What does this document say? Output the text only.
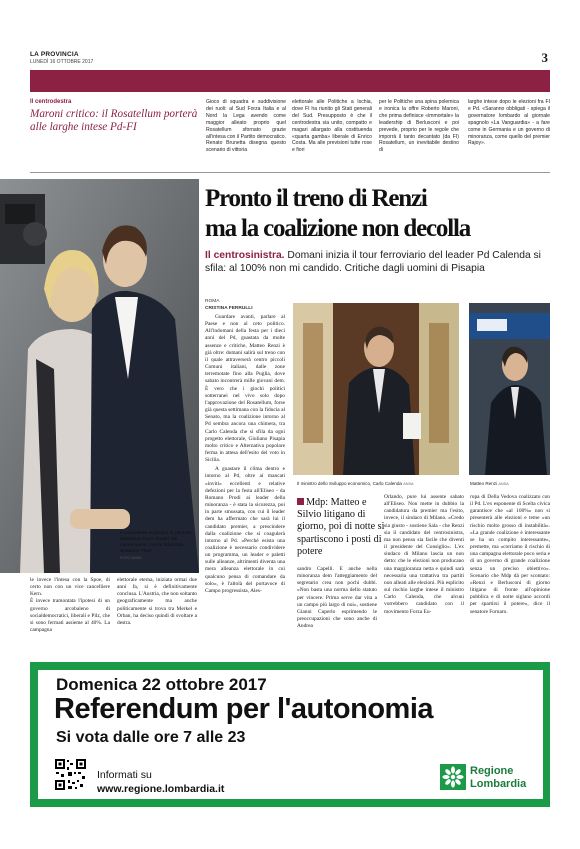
LA PROVINCIA
LUNEDÌ 16 OTTOBRE 2017	3
Il centrodestra
Maroni critico: il Rosatellum porterà alle larghe intese Pd-FI
Gioco di squadra e suddivisione dei ruoli: al Sud Forza Italia e al Nord la Lega avendo come maggior alleato proprio quel Rosatellum sfornato grazie all'intesa con il Partito democratico. Renato Brunetta disegna questo scenario di vittoria
elettorale alle Politiche a Ischia, dove FI ha riunito gli Stati generali del Sud. Presupposto è che il centrodestra sia unito, compatto e magari allargato alla costituenda «quarta gamba» liberale di Enrico Costa. Ma alle previsioni tutte rose e fiori
per le Politiche una spina polemica e ironica la offre Roberto Maroni, che prima definisce «immortale» la leadership di Berlusconi e poi prevede, proprio per le regole che imporrà il tanto decantato (da FI) Rosatellum, un inevitabile destino di
larghe intese dopo le elezioni fra FI e Pd. «Saranno obbligati - spiega il governatore lombardo al giornale spagnolo «La Vanguardia» - a fare come in Germania e un governo di minoranza, come quello del premier Rajoy».
Il cancelliere austriaco in pectore Sebastian Kurz, leader dei conservatori, con la fidanzata Susanne Thier
FOTO ANSA
le invece l'intesa con la Spoe, di certo non con un vice cancelliere Kern.
È invece tramontata l'ipotesi di un governo arcobaleno di socialdemocratici, liberali e Pilz, che si sono fermati assieme al 40%. La campagna
elettorale eterna, iniziata ormai due anni fa, si è definitivamente conclusa. L'Austria, che non soltanto geograficamente ma anche politicamente si trova tra Merkel e Orban, ha deciso quindi di svoltare a destra.
Pronto il treno di Renzi
ma la coalizione non decolla
Il centrosinistra. Domani inizia il tour ferroviario del leader Pd Calenda si sfila: al 100% non mi candido. Critiche dagli uomini di Pisapia
ROMA
CRISTINA FERRULLI

Guardare avanti, parlare al Paese e non al ceto politico. All'indomani della festa per i dieci anni del Pd, guastata da molte assenze e critiche, Matteo Renzi è già oltre: domani salirà sul treno con il quale attraverserà centro piccoli Comuni italiani, dalle zone terremotate fino alla Puglia, dove sabato incontrerà mille giovani dem. È vero che i giochi politici sotterranei nel vivo solo dopo l'approvazione del Rosatellum, forse già questa settimana con la fiducia al Senato, ma la coalizione intorno al Pd sembra ancora una chimera, tra Carlo Calenda che si sfila da ogni progetto elettorale, Giuliano Pisapia molto critico e Alternativa popolare ferma in attesa dell'esito del voto in Sicilia.

A guastare il clima dentro e intorno al Pd, oltre ai mancati «inviti» eccellenti e relative defezioni per la festa all'Eliseo - da Romano Prodi ai leader della minoranza - è stata la sicurezza, poi in parte smussata, con cui il leader dem ha affermato che sarà lui il candidato premier, a prescindere dalla coalizione che si coagulerà intorno al Pd. «Perché esista una coalizione è necessario condividere un programma, un leader e paletti sulle alleanze, altrimenti diventa una mera alleanza elettorale in cui qualcuno pensa di comandare da solo», è l'altolà del portavoce di Campo progressista, Ales-

Il ministro dello Sviluppo economico, Carlo Calenda ANSA	Matteo Renzi ANSA
Mdp: Matteo e Silvio litigano di giorno, poi di notte si spartiscono i posti di potere
sandro Capelli. E anche nella minoranza dem l'atteggiamento del segretario crea non pochi dubbi. «Non basta una norma dello statuto per vincere. Prima serve dar vita a un campo più largo di noi», sostiene Gianni Cuperlo esprimendo le preoccupazioni che sono anche di Andrea
Orlando, pure lui assente sabato all'Eliseo. Non mette in dubbio la candidatura da premier ma l'esito, invece, il sindaco di Milano. «Credo sia giusto - sostiene Sala - che Renzi sia il candidato del centrosinistra, ma non penso sia facile che diventi il presidente del Consiglio». L'ex sindaco di Milano lascia un non detto: che le elezioni non producano una maggioranza netta e quindi sarà necessaria una trattativa tra partiti non alleati alle elezioni. Più esplicito sul rischio larghe intese il ministro Carlo Calenda, che alcuni vorrebbero candidato con il movimento Forza Eu-
ropa di Della Vedova coalizzato con il Pd. L'ex esponente di Scelta civica garantisce che «al 100%» non si presenterà alle elezioni e teme «un rischio molto grosso di instabilità». «La grande coalizione è interessante se ha un compito interessante», premette, ma «corriamo il rischio di una campagna elettorale poco seria e di un governo di grande coalizione senza un preciso obiettivo». Scenario che Mdp dà per scontato: «Renzi e Berlusconi di giorno litigano di fronte all'opinione pubblica e di notte siglano accordi per spartirsi il potere», dice il senatore Fornaro.
Domenica 22 ottobre 2017
Referendum per l'autonomia
Si vota dalle ore 7 alle 23
Informati su
www.regione.lombardia.it
Regione
Lombardia
